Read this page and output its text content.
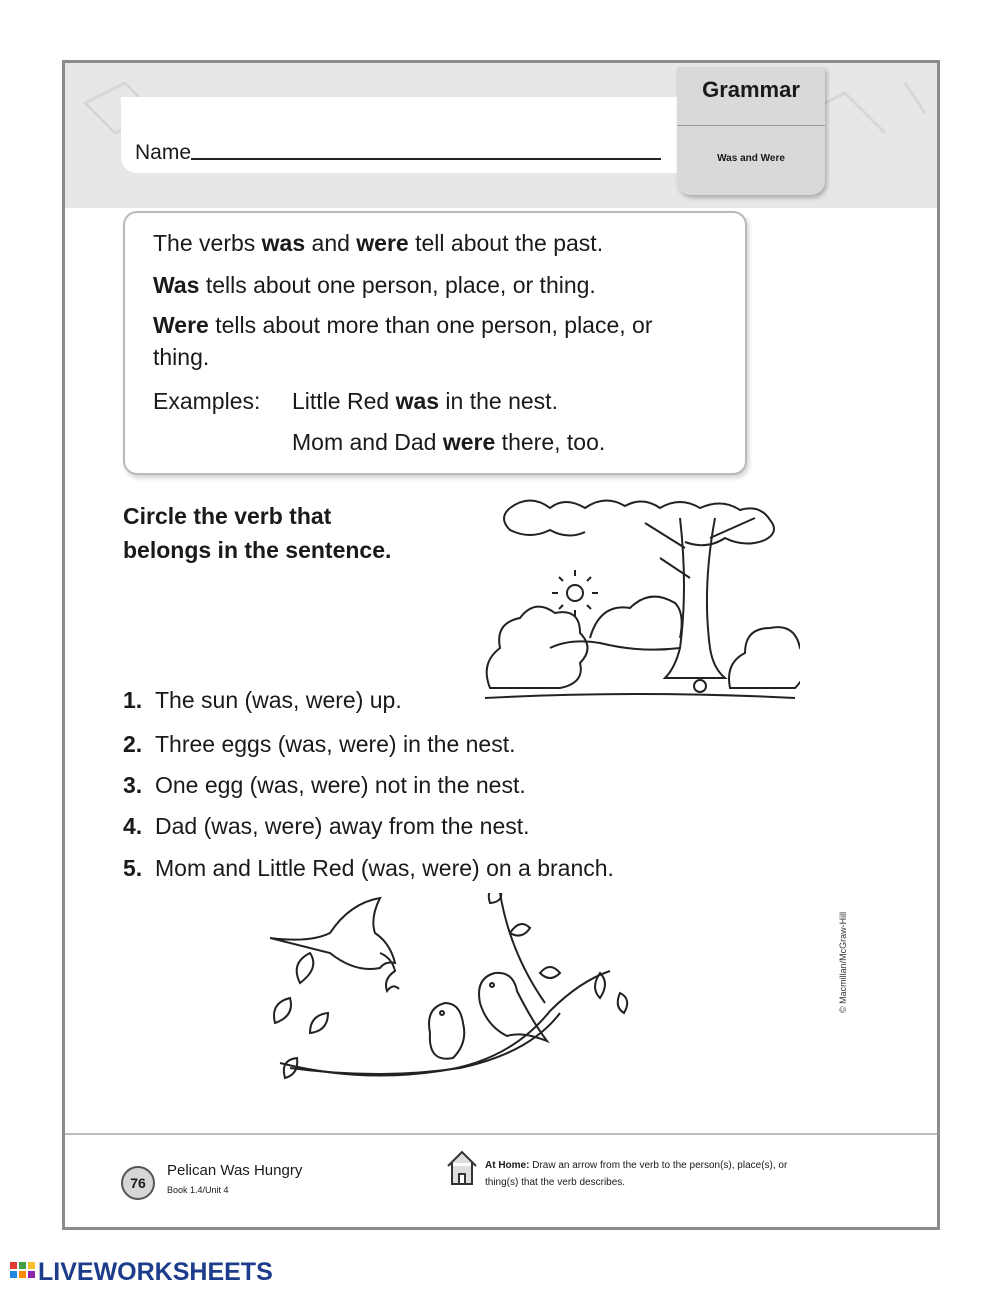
Name
Grammar
Was and Were
The verbs was and were tell about the past.
Was tells about one person, place, or thing.
Were tells about more than one person, place, or
thing.
Examples: Little Red was in the nest.
Mom and Dad were there, too.
Circle the verb that
belongs in the sentence.
1. The sun (was, were) up.
2. Three eggs (was, were) in the nest.
3. One egg (was, were) not in the nest.
4. Dad (was, were) away from the nest.
5. Mom and Little Red (was, were) on a branch.
© Macmillan/McGraw-Hill
76
Pelican Was Hungry
Book 1.4/Unit 4
At Home: Draw an arrow from the verb to the person(s), place(s), or thing(s) that the verb describes.
LIVEWORKSHEETS
